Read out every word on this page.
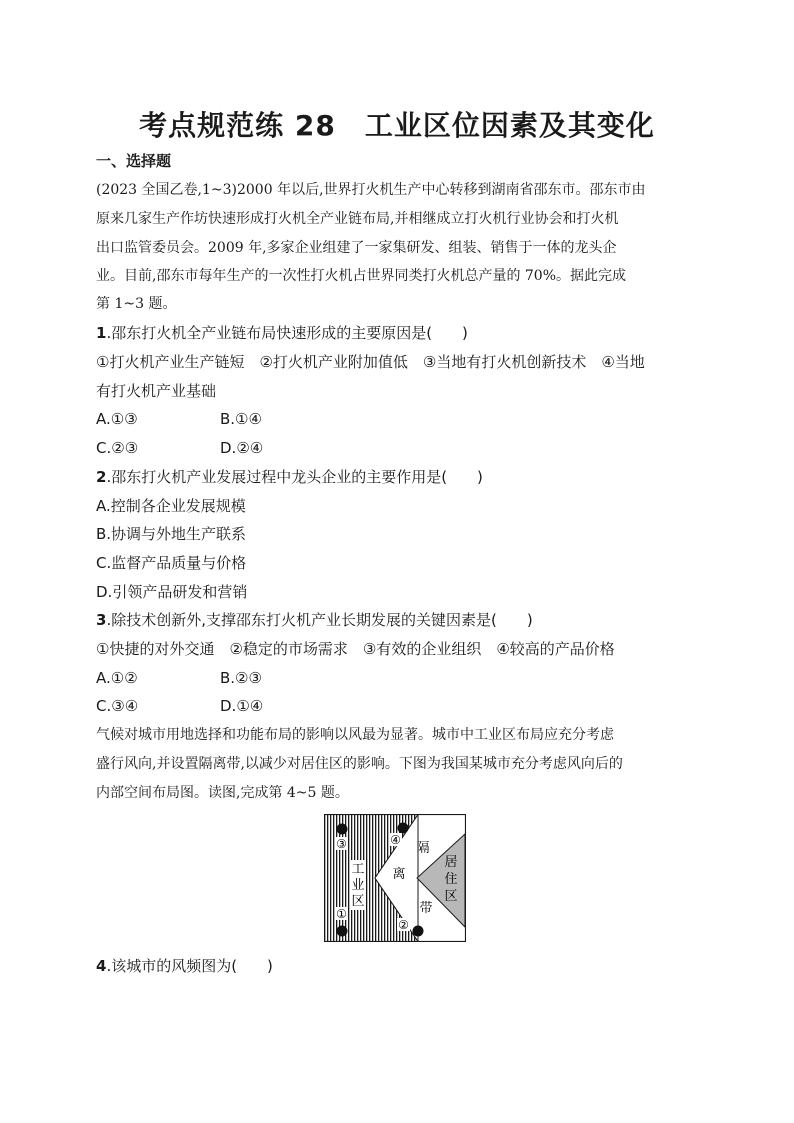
考点规范练 28　工业区位因素及其变化
一、选择题
(2023 全国乙卷,1~3)2000 年以后,世界打火机生产中心转移到湖南省邵东市。邵东市由
原来几家生产作坊快速形成打火机全产业链布局,并相继成立打火机行业协会和打火机
出口监管委员会。2009 年,多家企业组建了一家集研发、组装、销售于一体的龙头企
业。目前,邵东市每年生产的一次性打火机占世界同类打火机总产量的 70%。据此完成
第 1~3 题。
1.邵东打火机全产业链布局快速形成的主要原因是(　　)
①打火机产业生产链短　②打火机产业附加值低　③当地有打火机创新技术　④当地
有打火机产业基础
A.①③	B.①④
C.②③	D.②④
2.邵东打火机产业发展过程中龙头企业的主要作用是(　　)
A.控制各企业发展规模
B.协调与外地生产联系
C.监督产品质量与价格
D.引领产品研发和营销
3.除技术创新外,支撑邵东打火机产业长期发展的关键因素是(　　)
①快捷的对外交通　②稳定的市场需求　③有效的企业组织　④较高的产品价格
A.①②	B.②③
C.③④	D.①④
气候对城市用地选择和功能布局的影响以风最为显著。城市中工业区布局应充分考虑
盛行风向,并设置隔离带,以减少对居住区的影响。下图为我国某城市充分考虑风向后的
内部空间布局图。读图,完成第 4~5 题。
③	④
①
②
工
业
区
隔
离
带
居
住
区
4.该城市的风频图为(　　)
